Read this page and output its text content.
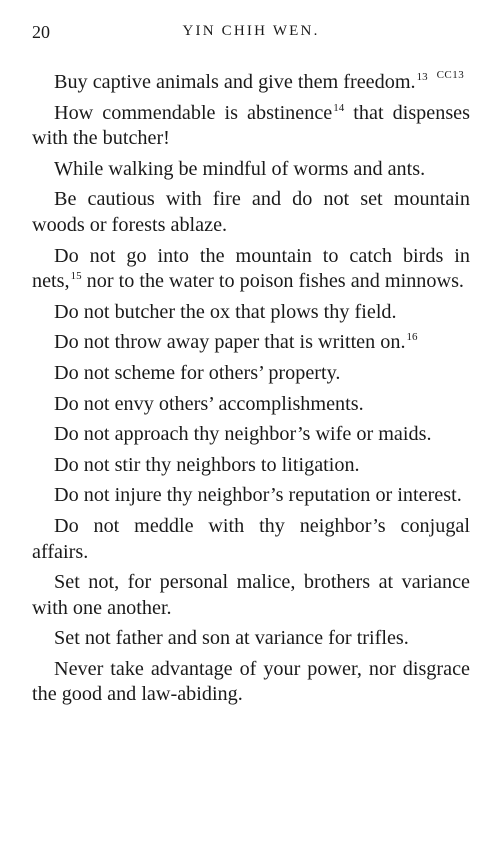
20	YIN CHIH WEN.

Buy captive animals and give them freedom.$^{13}$ $^{CC13}$

How commendable is abstinence$^{14}$ that dispenses with the butcher!

While walking be mindful of worms and ants.

Be cautious with fire and do not set mountain woods or forests ablaze.

Do not go into the mountain to catch birds in nets,$^{15}$ nor to the water to poison fishes and minnows.

Do not butcher the ox that plows thy field.

Do not throw away paper that is written on.$^{16}$

Do not scheme for others’ property.

Do not envy others’ accomplishments.

Do not approach thy neighbor’s wife or maids.

Do not stir thy neighbors to litigation.

Do not injure thy neighbor’s reputation or interest.

Do not meddle with thy neighbor’s conjugal affairs.

Set not, for personal malice, brothers at variance with one another.

Set not father and son at variance for trifles.

Never take advantage of your power, nor disgrace the good and law-abiding.
